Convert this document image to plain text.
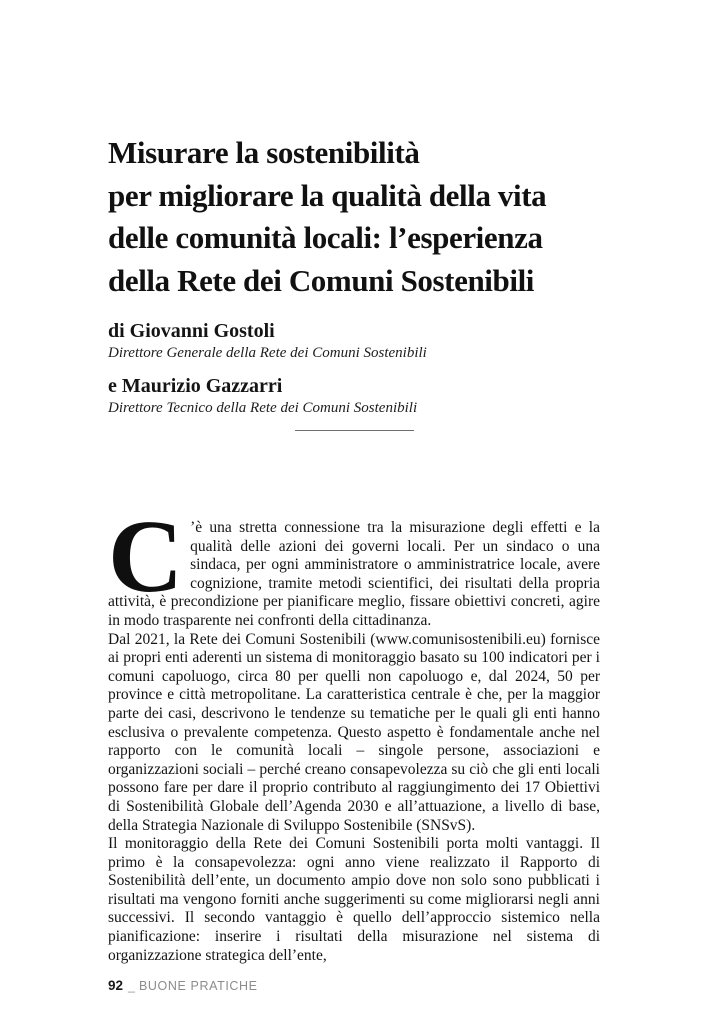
Misurare la sostenibilità
per migliorare la qualità della vita
delle comunità locali: l’esperienza
della Rete dei Comuni Sostenibili
di Giovanni Gostoli
Direttore Generale della Rete dei Comuni Sostenibili
e Maurizio Gazzarri
Direttore Tecnico della Rete dei Comuni Sostenibili

C ’è una stretta connessione tra la misurazione degli effetti e la qualità delle azioni dei governi locali. Per un sindaco o una sindaca, per ogni amministratore o amministratrice locale, avere cognizione, tramite metodi scientifici, dei risultati della propria attività, è precondizione per pianificare meglio, fissare obiettivi concreti, agire in modo trasparente nei confronti della cittadinanza.

Dal 2021, la Rete dei Comuni Sostenibili (www.comunisostenibili.eu) fornisce ai propri enti aderenti un sistema di monitoraggio basato su 100 indicatori per i comuni capoluogo, circa 80 per quelli non capoluogo e, dal 2024, 50 per province e città metropolitane. La caratteristica centrale è che, per la maggior parte dei casi, descrivono le tendenze su tematiche per le quali gli enti hanno esclusiva o prevalente competenza. Questo aspetto è fondamentale anche nel rapporto con le comunità locali – singole persone, associazioni e organizzazioni sociali – perché creano consapevolezza su ciò che gli enti locali possono fare per dare il proprio contributo al raggiungimento dei 17 Obiettivi di Sostenibilità Globale dell’Agenda 2030 e all’attuazione, a livello di base, della Strategia Nazionale di Sviluppo Sostenibile (SNSvS).

Il monitoraggio della Rete dei Comuni Sostenibili porta molti vantaggi. Il primo è la consapevolezza: ogni anno viene realizzato il Rapporto di Sostenibilità dell’ente, un documento ampio dove non solo sono pubblicati i risultati ma vengono forniti anche suggerimenti su come migliorarsi negli anni successivi. Il secondo vantaggio è quello dell’approccio sistemico nella pianificazione: inserire i risultati della misurazione nel sistema di organizzazione strategica dell’ente,

92 _ BUONE PRATICHE
